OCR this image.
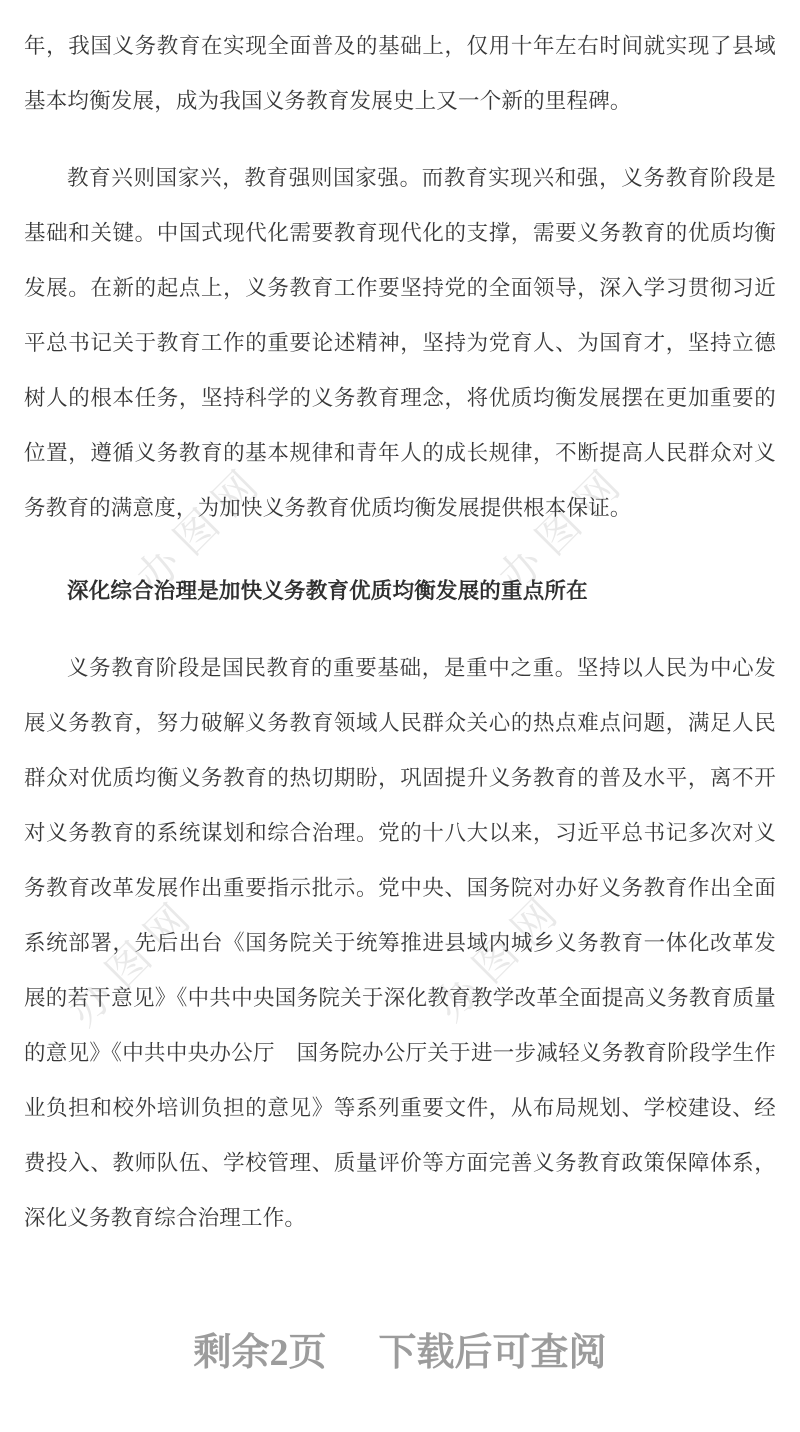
办图网	办图网
办图网	办图网

年，我国义务教育在实现全面普及的基础上，仅用十年左右时间就实现了县域基本均衡发展，成为我国义务教育发展史上又一个新的里程碑。

教育兴则国家兴，教育强则国家强。而教育实现兴和强，义务教育阶段是基础和关键。中国式现代化需要教育现代化的支撑，需要义务教育的优质均衡发展。在新的起点上，义务教育工作要坚持党的全面领导，深入学习贯彻习近平总书记关于教育工作的重要论述精神，坚持为党育人、为国育才，坚持立德树人的根本任务，坚持科学的义务教育理念，将优质均衡发展摆在更加重要的位置，遵循义务教育的基本规律和青年人的成长规律，不断提高人民群众对义务教育的满意度，为加快义务教育优质均衡发展提供根本保证。

深化综合治理是加快义务教育优质均衡发展的重点所在

义务教育阶段是国民教育的重要基础，是重中之重。坚持以人民为中心发展义务教育，努力破解义务教育领域人民群众关心的热点难点问题，满足人民群众对优质均衡义务教育的热切期盼，巩固提升义务教育的普及水平，离不开对义务教育的系统谋划和综合治理。党的十八大以来，习近平总书记多次对义务教育改革发展作出重要指示批示。党中央、国务院对办好义务教育作出全面系统部署，先后出台《国务院关于统筹推进县域内城乡义务教育一体化改革发展的若干意见》《中共中央国务院关于深化教育教学改革全面提高义务教育质量的意见》《中共中央办公厅　国务院办公厅关于进一步减轻义务教育阶段学生作业负担和校外培训负担的意见》等系列重要文件，从布局规划、学校建设、经费投入、教师队伍、学校管理、质量评价等方面完善义务教育政策保障体系，深化义务教育综合治理工作。

剩余2页 下载后可查阅
